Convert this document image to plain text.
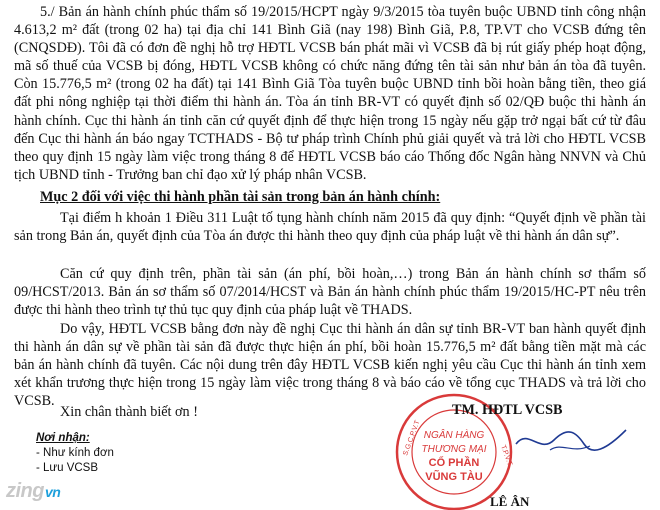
5./ Bản án hành chính phúc thẩm số 19/2015/HCPT ngày 9/3/2015 tòa tuyên buộc UBND tỉnh công nhận 4.613,2 m² đất (trong 02 ha) tại địa chỉ 141 Bình Giã (nay 198) Bình Giã, P.8, TP.VT cho VCSB đứng tên (CNQSDĐ). Tôi đã có đơn đề nghị hỗ trợ HĐTL VCSB bán phát mãi vì VCSB đã bị rút giấy phép hoạt động, mã số thuế của VCSB bị đóng, HĐTL VCSB không có chức năng đứng tên tài sản như bản án tòa đã tuyên. Còn 15.776,5 m² (trong 02 ha đất) tại 141 Bình Giã Tòa tuyên buộc UBND tỉnh bồi hoàn bằng tiền, theo giá đất phi nông nghiệp tại thời điểm thi hành án. Tòa án tỉnh BR-VT có quyết định số 02/QĐ buộc thi hành án hành chính. Cục thi hành án tỉnh căn cứ quyết định để thực hiện trong 15 ngày nếu gặp trở ngại bất cứ từ đâu đến Cục thi hành án báo ngay TCTHADS - Bộ tư pháp trình Chính phủ giải quyết và trả lời cho HĐTL VCSB theo quy định 15 ngày làm việc trong tháng 8 để HĐTL VCSB báo cáo Thống đốc Ngân hàng NNVN và Chủ tịch UBND tỉnh - Trưởng ban chỉ đạo xử lý pháp nhân VCSB.

Mục 2 đối với việc thi hành phần tài sản trong bản án hành chính:

Tại điểm h khoản 1 Điều 311 Luật tố tụng hành chính năm 2015 đã quy định: “Quyết định về phần tài sản trong Bản án, quyết định của Tòa án được thi hành theo quy định của pháp luật về thi hành án dân sự”.

Căn cứ quy định trên, phần tài sản (án phí, bồi hoàn,…) trong Bản án hành chính sơ thẩm số 09/HCST/2013. Bản án sơ thẩm số 07/2014/HCST và Bản án hành chính phúc thẩm 19/2015/HC-PT nêu trên được thi hành theo trình tự thủ tục quy định của pháp luật về THADS.

Do vậy, HĐTL VCSB bằng đơn này đề nghị Cục thi hành án dân sự tỉnh BR-VT ban hành quyết định thi hành án dân sự về phần tài sản đã được thực hiện án phí, bồi hoàn 15.776,5 m² đất bằng tiền mặt mà các bản án hành chính đã tuyên. Các nội dung trên đây HĐTL VCSB kiến nghị yêu cầu Cục thi hành án tỉnh xem xét khẩn trương thực hiện trong 15 ngày làm việc trong tháng 8 và báo cáo về tổng cục THADS và trả lời cho VCSB.

Xin chân thành biết ơn !
Nơi nhận:
- Như kính đơn
- Lưu VCSB
NGÂN HÀNG
THƯƠNG MẠI
CỔ PHẦN
VŨNG TÀU
S.G.C.P.V.T	T.P.V.T
TM. HĐTL VCSB
LÊ ÂN
zingvn
